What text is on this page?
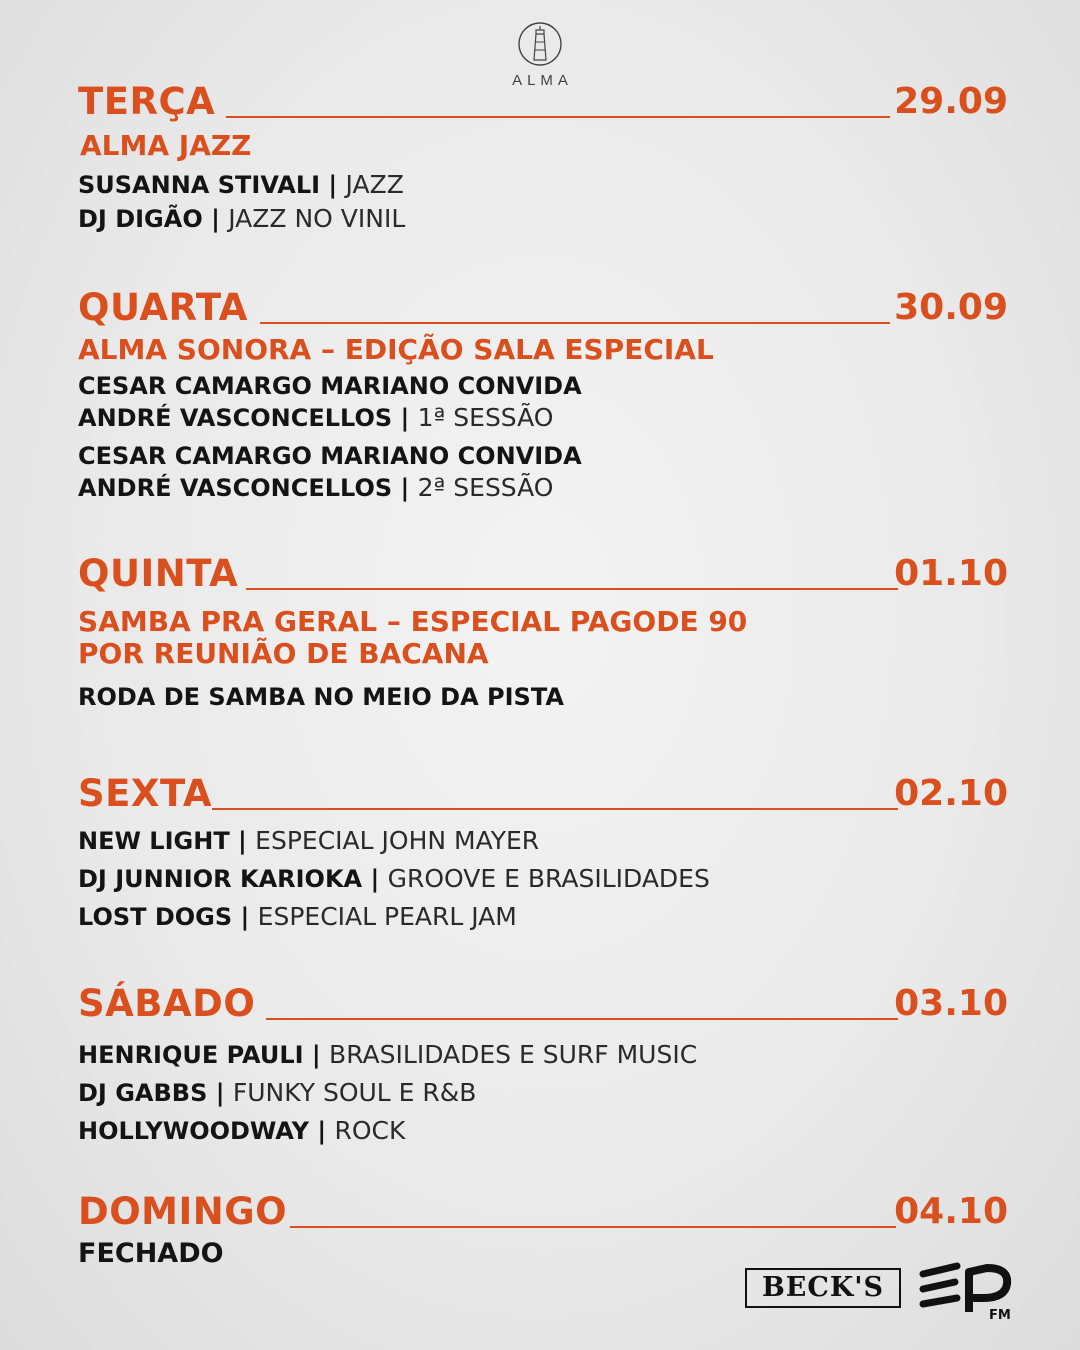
ALMA
TERÇA	29.09
ALMA JAZZ
SUSANNA STIVALI | JAZZ
DJ DIGÃO | JAZZ NO VINIL
QUARTA	30.09
ALMA SONORA – EDIÇÃO SALA ESPECIAL
CESAR CAMARGO MARIANO CONVIDA
ANDRÉ VASCONCELLOS | 1ª SESSÃO
CESAR CAMARGO MARIANO CONVIDA
ANDRÉ VASCONCELLOS | 2ª SESSÃO
QUINTA	01.10
SAMBA PRA GERAL – ESPECIAL PAGODE 90
POR REUNIÃO DE BACANA
RODA DE SAMBA NO MEIO DA PISTA
SEXTA	02.10
NEW LIGHT | ESPECIAL JOHN MAYER
DJ JUNNIOR KARIOKA | GROOVE E BRASILIDADES
LOST DOGS | ESPECIAL PEARL JAM
SÁBADO	03.10
HENRIQUE PAULI | BRASILIDADES E SURF MUSIC
DJ GABBS | FUNKY SOUL E R&B
HOLLYWOODWAY | ROCK
DOMINGO	04.10
FECHADO
BECK'S
FM
